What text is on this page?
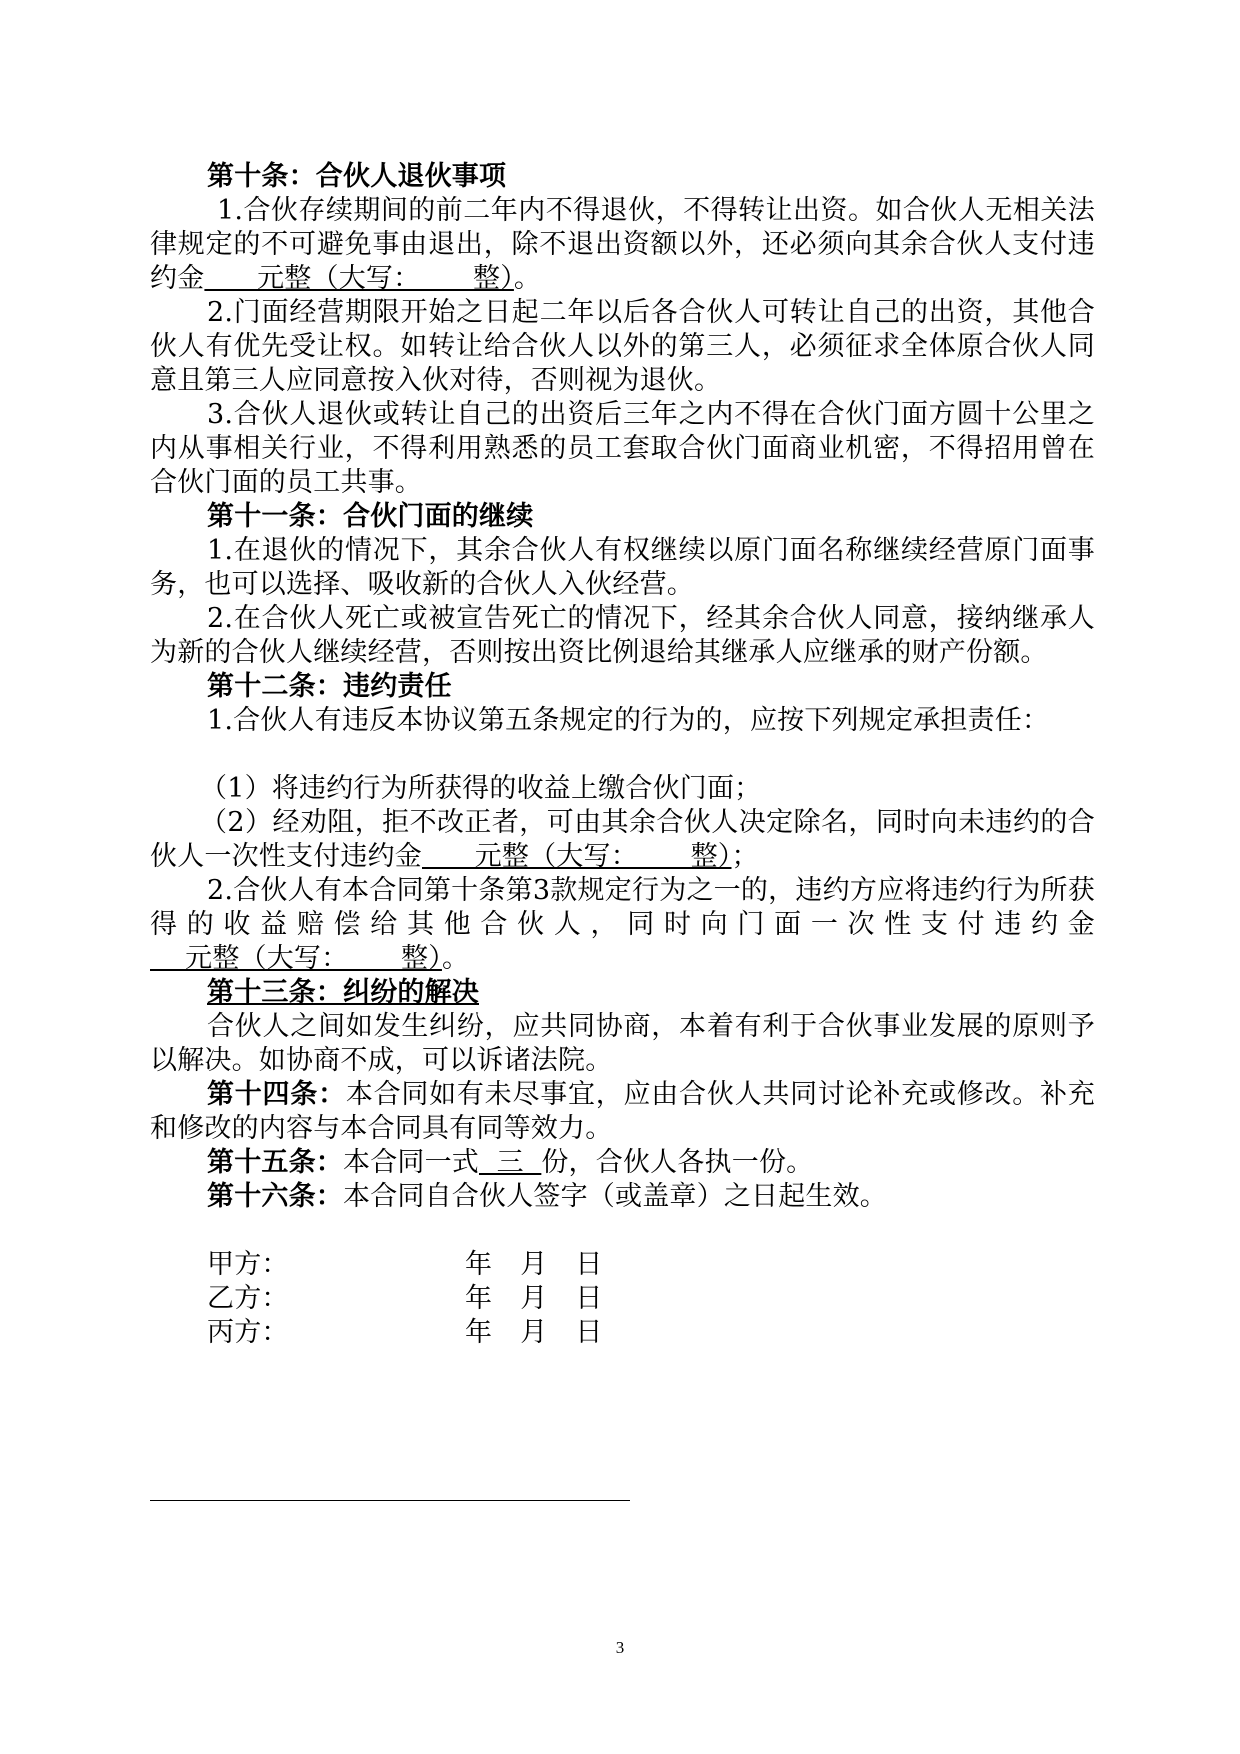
第十条：合伙人退伙事项

1.合伙存续期间的前二年内不得退伙，不得转让出资。如合伙人无相关法律规定的不可避免事由退出，除不退出资额以外，还必须向其余合伙人支付违约金      元整（大写：      整）。

2.门面经营期限开始之日起二年以后各合伙人可转让自己的出资，其他合伙人有优先受让权。如转让给合伙人以外的第三人，必须征求全体原合伙人同意且第三人应同意按入伙对待，否则视为退伙。

3.合伙人退伙或转让自己的出资后三年之内不得在合伙门面方圆十公里之内从事相关行业，不得利用熟悉的员工套取合伙门面商业机密，不得招用曾在合伙门面的员工共事。

第十一条：合伙门面的继续

1.在退伙的情况下，其余合伙人有权继续以原门面名称继续经营原门面事务，也可以选择、吸收新的合伙人入伙经营。

2.在合伙人死亡或被宣告死亡的情况下，经其余合伙人同意，接纳继承人为新的合伙人继续经营，否则按出资比例退给其继承人应继承的财产份额。

第十二条：违约责任

1.合伙人有违反本协议第五条规定的行为的，应按下列规定承担责任：

（1）将违约行为所获得的收益上缴合伙门面；

（2）经劝阻，拒不改正者，可由其余合伙人决定除名，同时向未违约的合伙人一次性支付违约金      元整（大写：      整）；

2.合伙人有本合同第十条第3款规定行为之一的，违约方应将违约行为所获得的收益赔偿给其他合伙人，同时向门面一次性支付违约金    元整（大写：      整）。

第十三条：纠纷的解决

合伙人之间如发生纠纷，应共同协商，本着有利于合伙事业发展的原则予以解决。如协商不成，可以诉诸法院。

第十四条：本合同如有未尽事宜，应由合伙人共同讨论补充或修改。补充和修改的内容与本合同具有同等效力。

第十五条：本合同一式  三  份，合伙人各执一份。

第十六条：本合同自合伙人签字（或盖章）之日起生效。

甲方：	年 月 日
乙方：	年 月 日
丙方：	年 月 日
3
